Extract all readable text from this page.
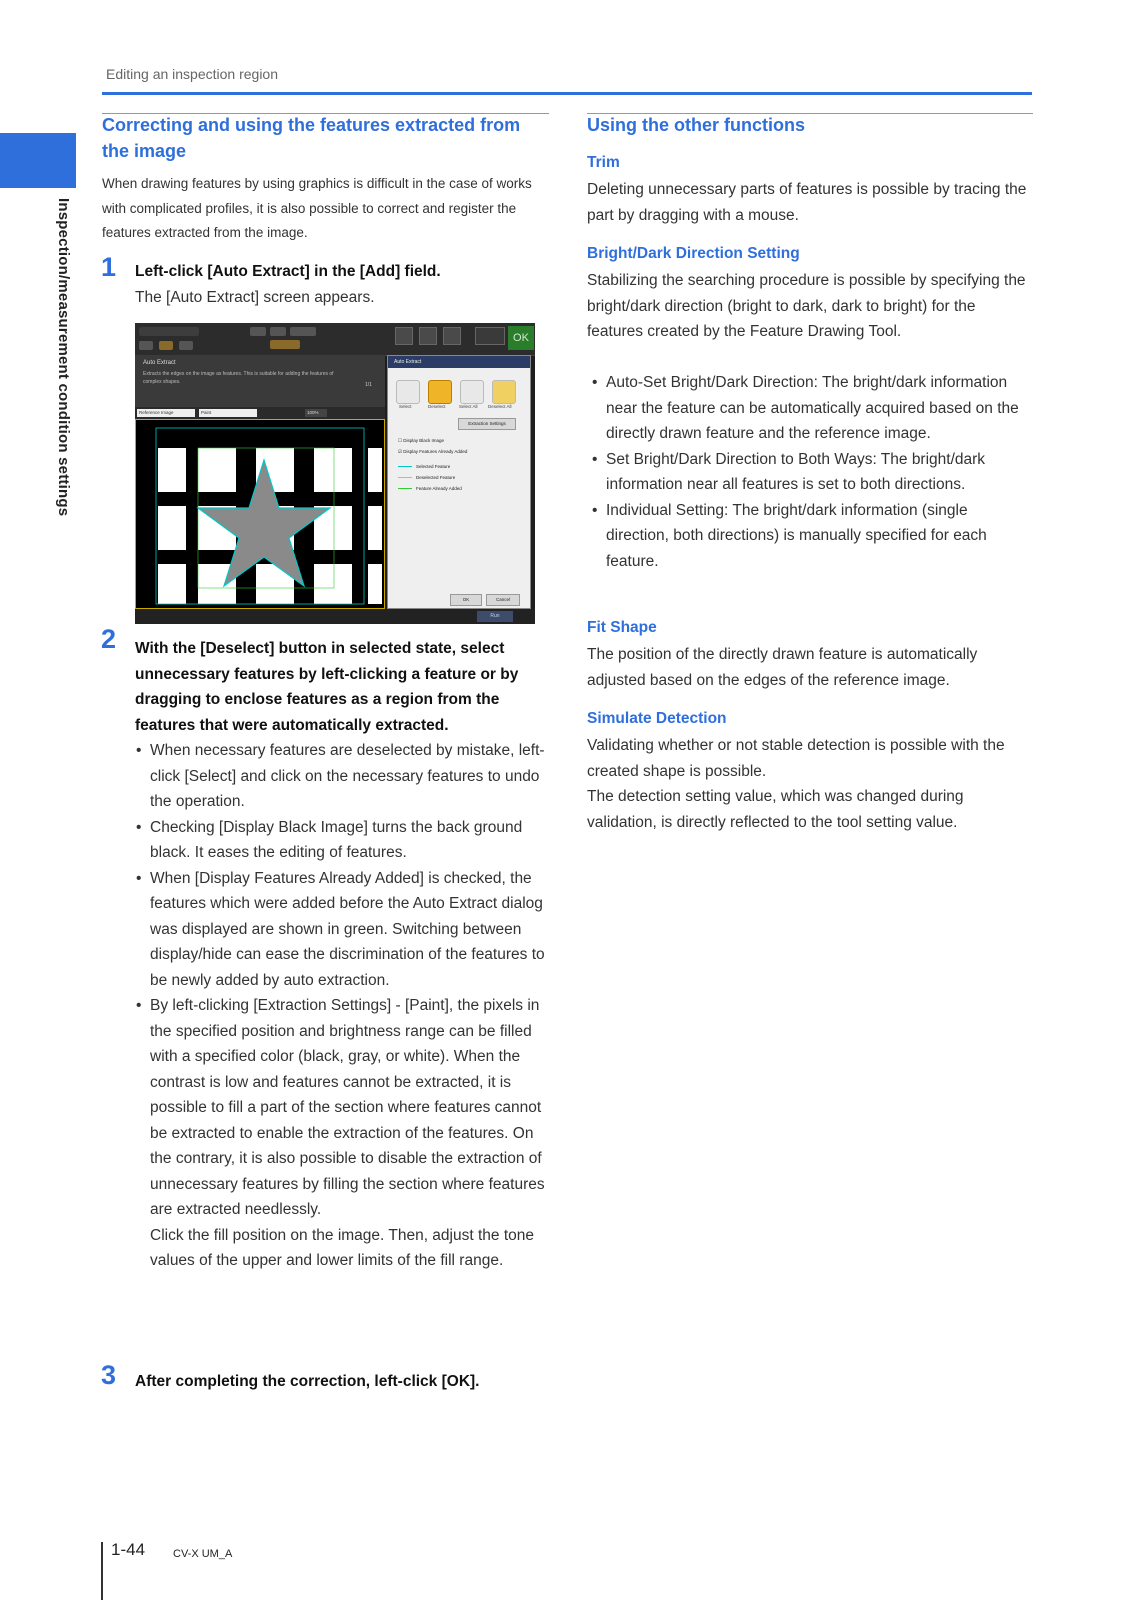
Editing an inspection region
Inspection/measurement condition settings
Correcting and using the features extracted from the image
When drawing features by using graphics is difficult in the case of works with complicated profiles, it is also possible to correct and register the features extracted from the image.
1 Left-click [Auto Extract] in the [Add] field.
The [Auto Extract] screen appears.
OK
Auto Extract
Extracts the edges on the image as features. This is suitable for adding the features of complex shapes.	1/1
Reference Image	Paint	100%
Auto Extract
Select	Deselect	Select All Deselect All
Extraction Settings
☐ Display Black Image
☑ Display Features Already Added
Selected Feature
Deselected Feature
Feature Already Added
OK	Cancel
Run
2 With the [Deselect] button in selected state, select unnecessary features by left-clicking a feature or by dragging to enclose features as a region from the features that were automatically extracted.
• When necessary features are deselected by mistake, left-click [Select] and click on the necessary features to undo the operation.
• Checking [Display Black Image] turns the back ground black. It eases the editing of features.
• When [Display Features Already Added] is checked, the features which were added before the Auto Extract dialog was displayed are shown in green. Switching between display/hide can ease the discrimination of the features to be newly added by auto extraction.
• By left-clicking [Extraction Settings] - [Paint], the pixels in the specified position and brightness range can be filled with a specified color (black, gray, or white). When the contrast is low and features cannot be extracted, it is possible to fill a part of the section where features cannot be extracted to enable the extraction of the features. On the contrary, it is also possible to disable the extraction of unnecessary features by filling the section where features are extracted needlessly.
Click the fill position on the image. Then, adjust the tone values of the upper and lower limits of the fill range.
3 After completing the correction, left-click [OK].
Using the other functions
Trim
Deleting unnecessary parts of features is possible by tracing the part by dragging with a mouse.
Bright/Dark Direction Setting
Stabilizing the searching procedure is possible by specifying the bright/dark direction (bright to dark, dark to bright) for the features created by the Feature Drawing Tool.
• Auto-Set Bright/Dark Direction: The bright/dark information near the feature can be automatically acquired based on the directly drawn feature and the reference image.
• Set Bright/Dark Direction to Both Ways: The bright/dark information near all features is set to both directions.
• Individual Setting: The bright/dark information (single direction, both directions) is manually specified for each feature.
Fit Shape
The position of the directly drawn feature is automatically adjusted based on the edges of the reference image.
Simulate Detection
Validating whether or not stable detection is possible with the created shape is possible.
The detection setting value, which was changed during validation, is directly reflected to the tool setting value.
1-44	CV-X UM_A
